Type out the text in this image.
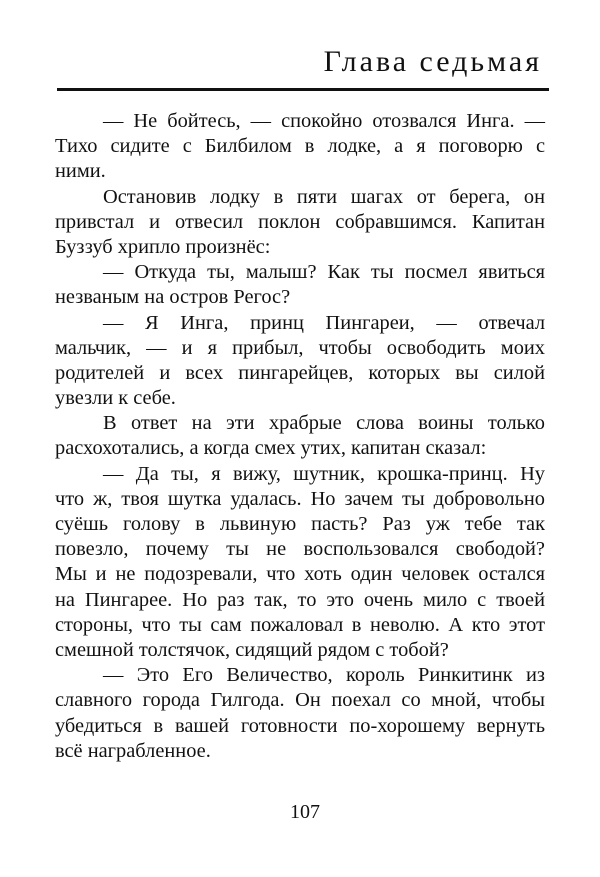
Глава седьмая
— Не бойтесь, — спокойно отозвался Инга. —
Тихо сидите с Билбилом в лодке, а я поговорю с
ними.
Остановив лодку в пяти шагах от берега, он
привстал и отвесил поклон собравшимся. Капитан
Буззуб хрипло произнёс:
— Откуда ты, малыш? Как ты посмел явиться
незваным на остров Регос?
— Я Инга, принц Пингареи, — отвечал
мальчик, — и я прибыл, чтобы освободить моих
родителей и всех пингарейцев, которых вы силой
увезли к себе.
В ответ на эти храбрые слова воины только
расхохотались, а когда смех утих, капитан сказал:
— Да ты, я вижу, шутник, крошка-принц. Ну
что ж, твоя шутка удалась. Но зачем ты добровольно
суёшь голову в львиную пасть? Раз уж тебе так
повезло, почему ты не воспользовался свободой?
Мы и не подозревали, что хоть один человек остался
на Пингарее. Но раз так, то это очень мило с твоей
стороны, что ты сам пожаловал в неволю. А кто этот
смешной толстячок, сидящий рядом с тобой?
— Это Его Величество, король Ринкитинк из
славного города Гилгода. Он поехал со мной, чтобы
убедиться в вашей готовности по-хорошему вернуть
всё награбленное.
107
